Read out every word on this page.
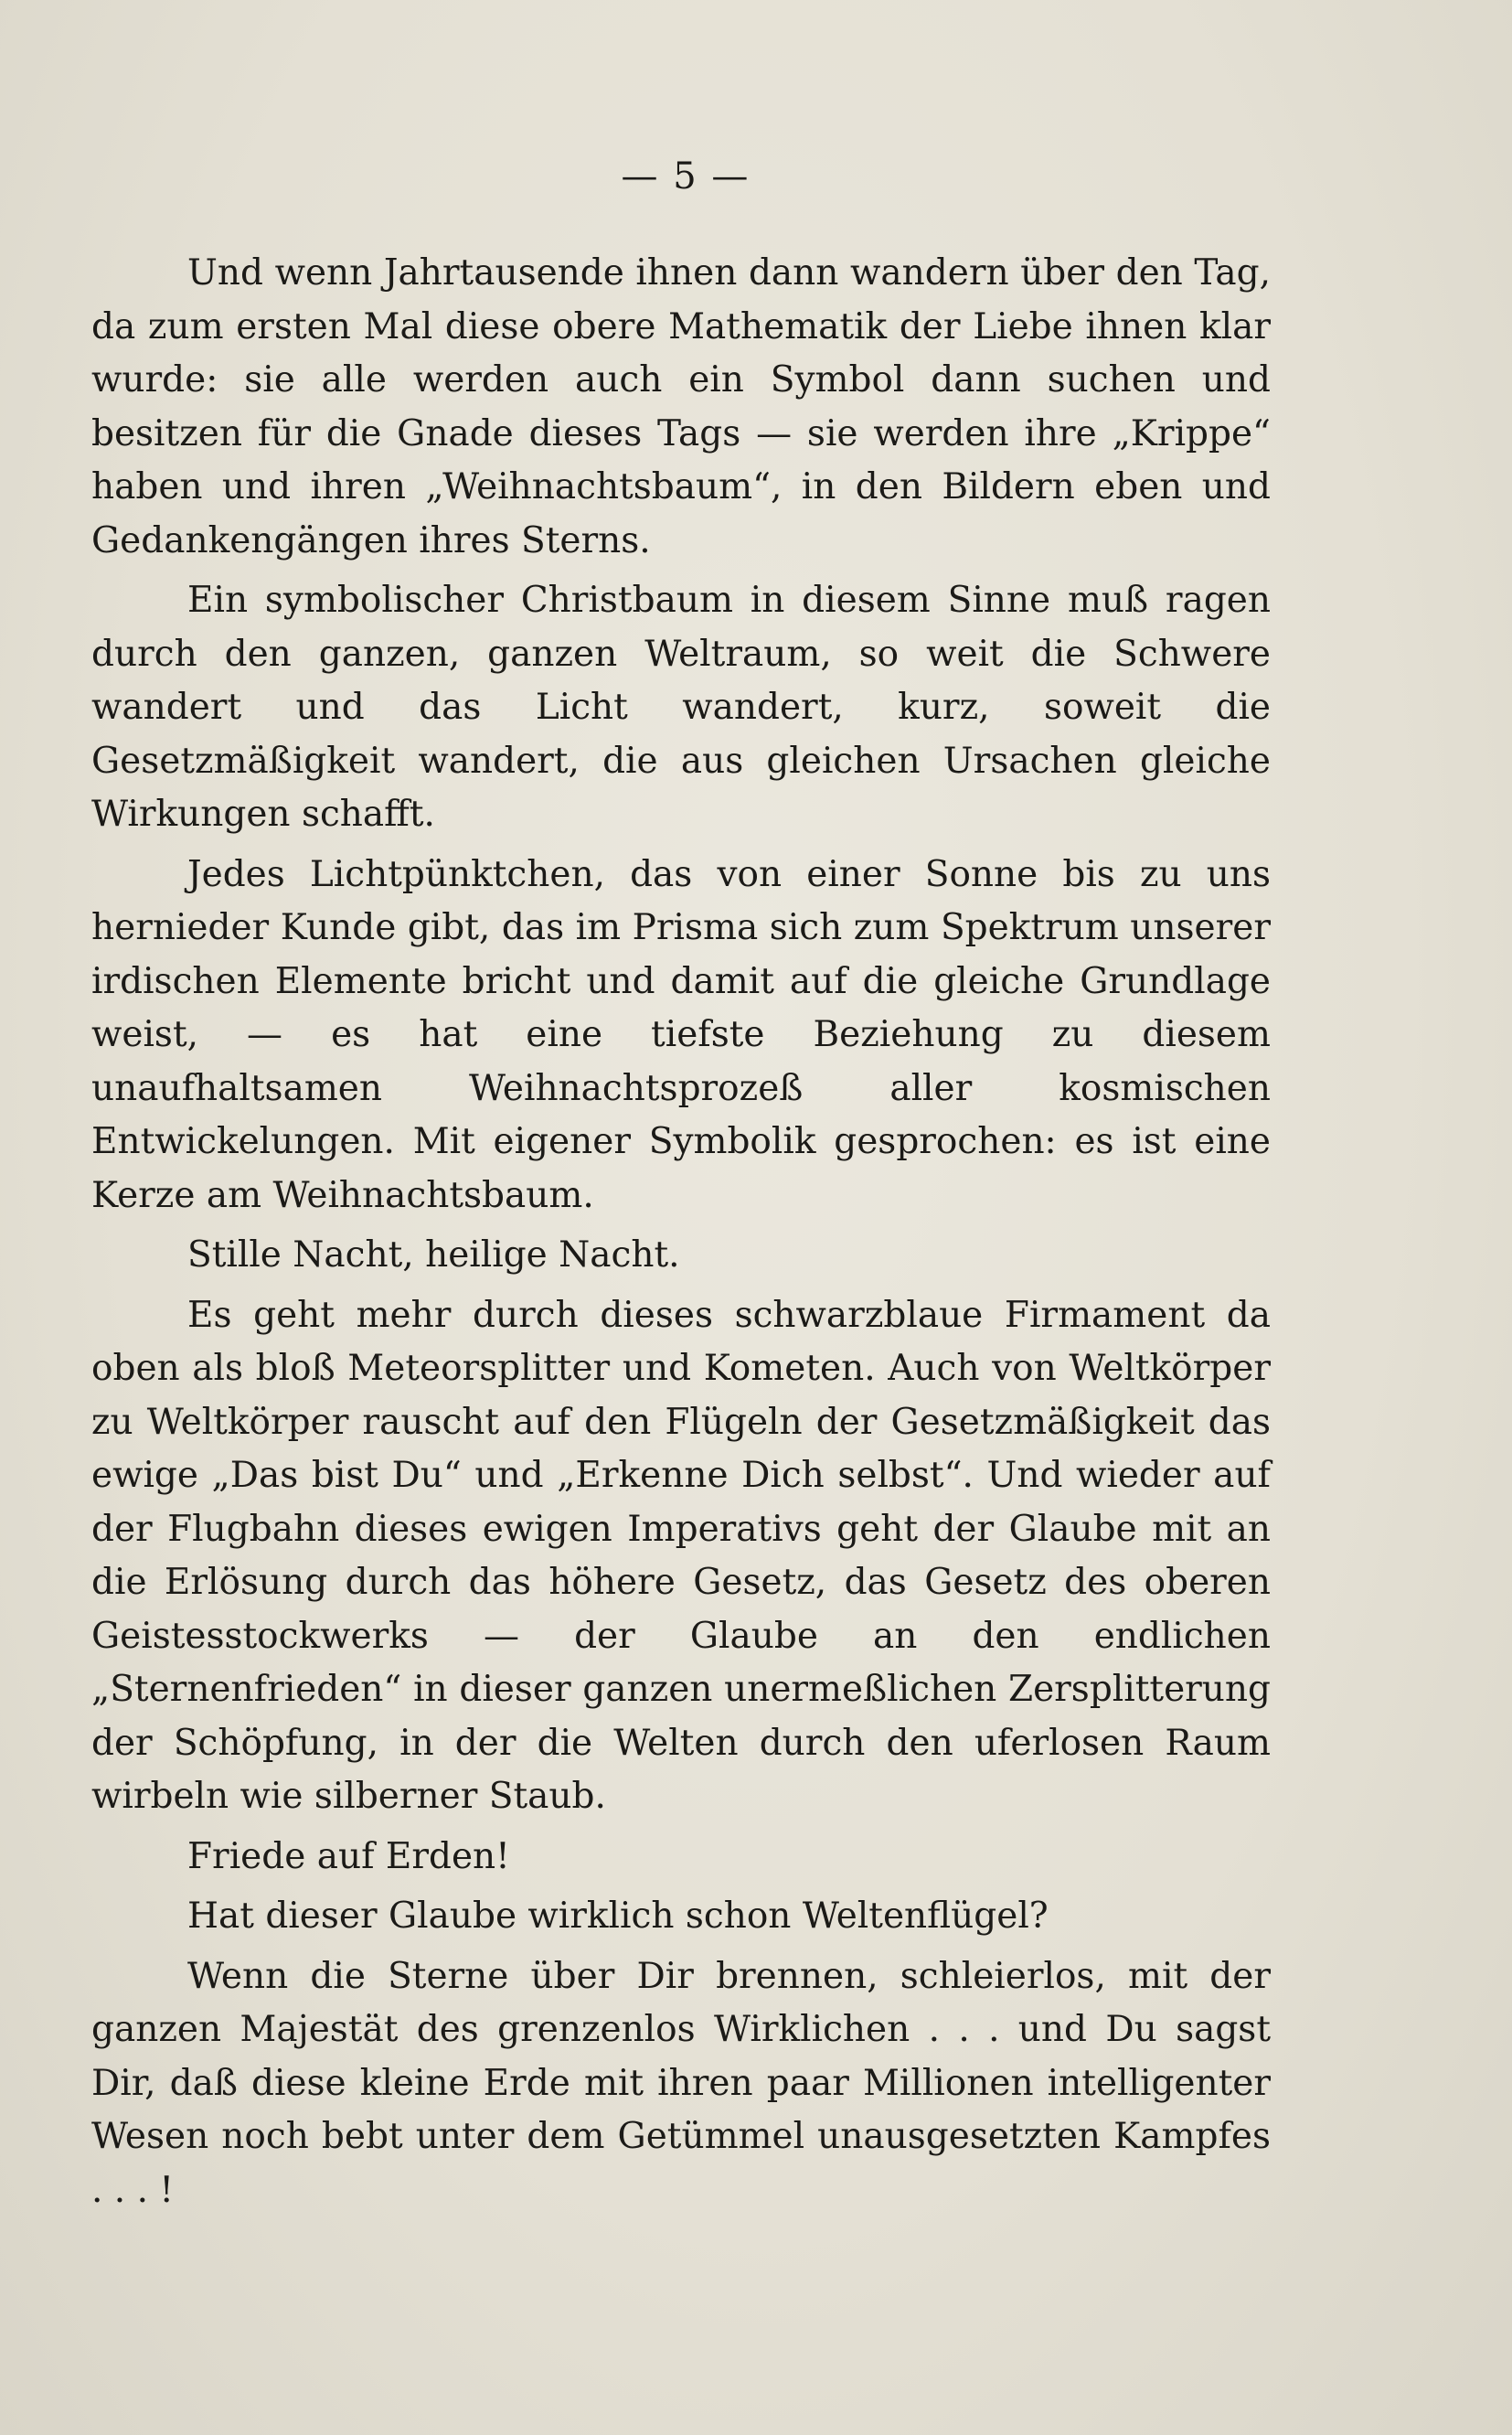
— 5 —

Und wenn Jahrtausende ihnen dann wandern über den Tag, da zum ersten Mal diese obere Mathematik der Liebe ihnen klar wurde: sie alle werden auch ein Symbol dann suchen und besitzen für die Gnade dieses Tags — sie werden ihre „Krippe“ haben und ihren „Weihnachtsbaum“, in den Bildern eben und Gedankengängen ihres Sterns.

Ein symbolischer Christbaum in diesem Sinne muß ragen durch den ganzen, ganzen Weltraum, so weit die Schwere wandert und das Licht wandert, kurz, soweit die Gesetzmäßigkeit wandert, die aus gleichen Ursachen gleiche Wirkungen schafft.

Jedes Lichtpünktchen, das von einer Sonne bis zu uns hernieder Kunde gibt, das im Prisma sich zum Spektrum unserer irdischen Elemente bricht und damit auf die gleiche Grundlage weist, — es hat eine tiefste Beziehung zu diesem unaufhaltsamen Weihnachtsprozeß aller kosmischen Entwickelungen. Mit eigener Symbolik gesprochen: es ist eine Kerze am Weihnachtsbaum.

Stille Nacht, heilige Nacht.

Es geht mehr durch dieses schwarzblaue Firmament da oben als bloß Meteorsplitter und Kometen. Auch von Weltkörper zu Weltkörper rauscht auf den Flügeln der Gesetzmäßigkeit das ewige „Das bist Du“ und „Erkenne Dich selbst“. Und wieder auf der Flugbahn dieses ewigen Imperativs geht der Glaube mit an die Erlösung durch das höhere Gesetz, das Gesetz des oberen Geistesstockwerks — der Glaube an den endlichen „Sternenfrieden“ in dieser ganzen unermeßlichen Zersplitterung der Schöpfung, in der die Welten durch den uferlosen Raum wirbeln wie silberner Staub.

Friede auf Erden!

Hat dieser Glaube wirklich schon Weltenflügel?

Wenn die Sterne über Dir brennen, schleierlos, mit der ganzen Majestät des grenzenlos Wirklichen . . . und Du sagst Dir, daß diese kleine Erde mit ihren paar Millionen intelligenter Wesen noch bebt unter dem Getümmel unausgesetzten Kampfes . . . !
